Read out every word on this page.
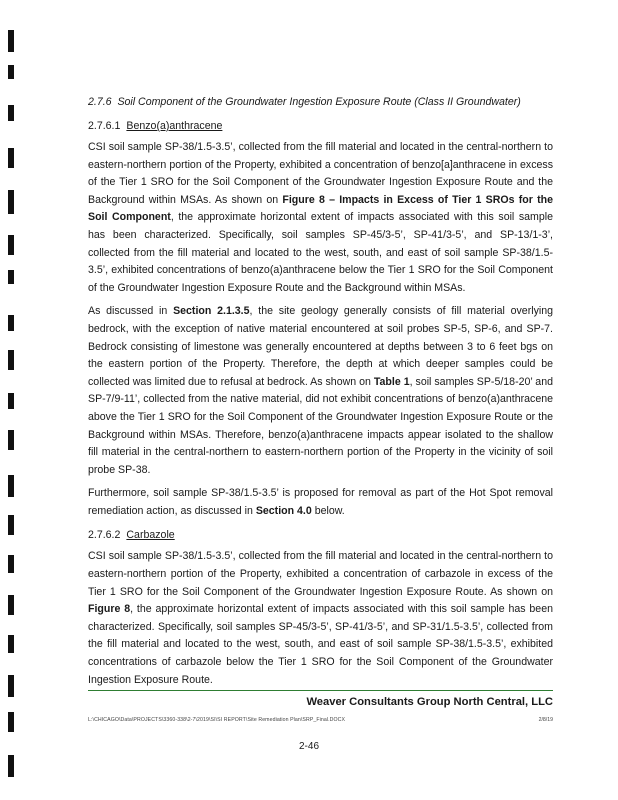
2.7.6 Soil Component of the Groundwater Ingestion Exposure Route (Class II Groundwater)
2.7.6.1 Benzo(a)anthracene

CSI soil sample SP-38/1.5-3.5’, collected from the fill material and located in the central-northern to eastern-northern portion of the Property, exhibited a concentration of benzo[a]anthracene in excess of the Tier 1 SRO for the Soil Component of the Groundwater Ingestion Exposure Route and the Background within MSAs. As shown on Figure 8 – Impacts in Excess of Tier 1 SROs for the Soil Component, the approximate horizontal extent of impacts associated with this soil sample has been characterized. Specifically, soil samples SP-45/3-5’, SP-41/3-5’, and SP-13/1-3’, collected from the fill material and located to the west, south, and east of soil sample SP-38/1.5-3.5’, exhibited concentrations of benzo(a)anthracene below the Tier 1 SRO for the Soil Component of the Groundwater Ingestion Exposure Route and the Background within MSAs.

As discussed in Section 2.1.3.5, the site geology generally consists of fill material overlying bedrock, with the exception of native material encountered at soil probes SP-5, SP-6, and SP-7. Bedrock consisting of limestone was generally encountered at depths between 3 to 6 feet bgs on the eastern portion of the Property. Therefore, the depth at which deeper samples could be collected was limited due to refusal at bedrock. As shown on Table 1, soil samples SP-5/18-20’ and SP-7/9-11’, collected from the native material, did not exhibit concentrations of benzo(a)anthracene above the Tier 1 SRO for the Soil Component of the Groundwater Ingestion Exposure Route or the Background within MSAs. Therefore, benzo(a)anthracene impacts appear isolated to the shallow fill material in the central-northern to eastern-northern portion of the Property in the vicinity of soil probe SP-38.

Furthermore, soil sample SP-38/1.5-3.5’ is proposed for removal as part of the Hot Spot removal remediation action, as discussed in Section 4.0 below.

2.7.6.2 Carbazole

CSI soil sample SP-38/1.5-3.5’, collected from the fill material and located in the central-northern to eastern-northern portion of the Property, exhibited a concentration of carbazole in excess of the Tier 1 SRO for the Soil Component of the Groundwater Ingestion Exposure Route. As shown on Figure 8, the approximate horizontal extent of impacts associated with this soil sample has been characterized. Specifically, soil samples SP-45/3-5’, SP-41/3-5’, and SP-31/1.5-3.5’, collected from the fill material and located to the west, south, and east of soil sample SP-38/1.5-3.5’, exhibited concentrations of carbazole below the Tier 1 SRO for the Soil Component of the Groundwater Ingestion Exposure Route.

Weaver Consultants Group North Central, LLC
L:\CHICAGO\Data\PROJECTS\3360-338\2-7\2019\SI\SI REPORT\Site Remediation Plan\SRP_Final.DOCX	2/8/19
2-46
